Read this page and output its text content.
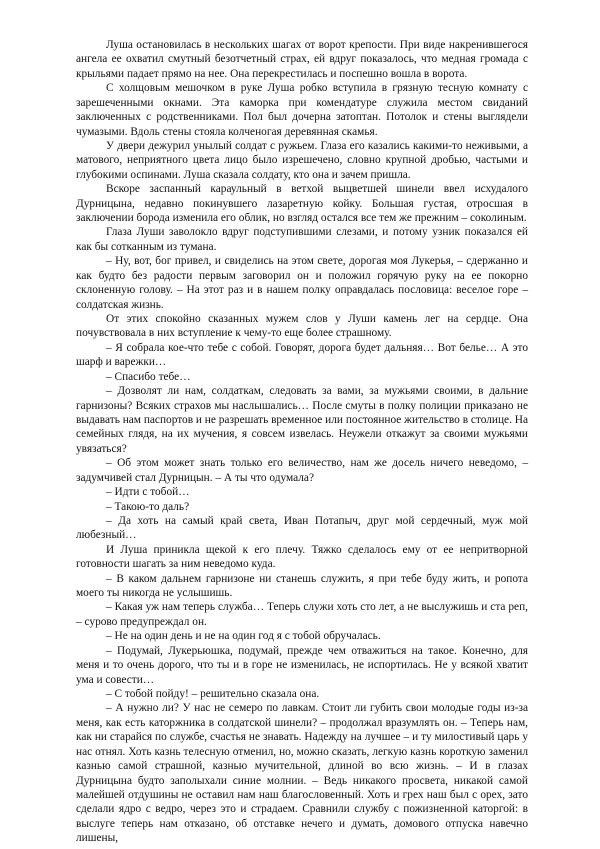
Луша остановилась в нескольких шагах от ворот крепости. При виде накренившегося ангела ее охватил смутный безотчетный страх, ей вдруг показалось, что медная громада с крыльями падает прямо на нее. Она перекрестилась и поспешно вошла в ворота.

С холщовым мешочком в руке Луша робко вступила в грязную тесную комнату с зарешеченными окнами. Эта каморка при комендатуре служила местом свиданий заключенных с родственниками. Пол был дочерна затоптан. Потолок и стены выглядели чумазыми. Вдоль стены стояла колченогая деревянная скамья.

У двери дежурил унылый солдат с ружьем. Глаза его казались какими-то неживыми, а матового, неприятного цвета лицо было изрешечено, словно крупной дробью, частыми и глубокими оспинами. Луша сказала солдату, кто она и зачем пришла.

Вскоре заспанный караульный в ветхой выцветшей шинели ввел исхудалого Дурницына, недавно покинувшего лазаретную койку. Большая густая, отросшая в заключении борода изменила его облик, но взгляд остался все тем же прежним – соколиным.

Глаза Луши заволокло вдруг подступившими слезами, и потому узник показался ей как бы сотканным из тумана.

– Ну, вот, бог привел, и свиделись на этом свете, дорогая моя Лукерья, – сдержанно и как будто без радости первым заговорил он и положил горячую руку на ее покорно склоненную голову. – На этот раз и в нашем полку оправдалась пословица: веселое горе – солдатская жизнь.

От этих спокойно сказанных мужем слов у Луши камень лег на сердце. Она почувствовала в них вступление к чему-то еще более страшному.

– Я собрала кое-что тебе с собой. Говорят, дорога будет дальняя… Вот белье… А это шарф и варежки…

– Спасибо тебе…

– Дозволят ли нам, солдаткам, следовать за вами, за мужьями своими, в дальние гарнизоны? Всяких страхов мы наслышались… После смуты в полку полиции приказано не выдавать нам паспортов и не разрешать временное или постоянное жительство в столице. На семейных глядя, на их мучения, я совсем извелась. Неужели откажут за своими мужьями увязаться?

– Об этом может знать только его величество, нам же досель ничего неведомо, – задумчивей стал Дурницын. – А ты что одумала?

– Идти с тобой…

– Такою-то даль?

– Да хоть на самый край света, Иван Потапыч, друг мой сердечный, муж мой любезный…

И Луша приникла щекой к его плечу. Тяжко сделалось ему от ее непритворной готовности шагать за ним неведомо куда.

– В каком дальнем гарнизоне ни станешь служить, я при тебе буду жить, и ропота моего ты никогда не услышишь.

– Какая уж нам теперь служба… Теперь служи хоть сто лет, а не выслужишь и ста реп, – сурово предупреждал он.

– Не на один день и не на один год я с тобой обручалась.

– Подумай, Лукерьюшка, подумай, прежде чем отважиться на такое. Конечно, для меня и то очень дорого, что ты и в горе не изменилась, не испортилась. Не у всякой хватит ума и совести…

– С тобой пойду! – решительно сказала она.

– А нужно ли? У нас не семеро по лавкам. Стоит ли губить свои молодые годы из-за меня, как есть каторжника в солдатской шинели? – продолжал вразумлять он. – Теперь нам, как ни старайся по службе, счастья не знавать. Надежду на лучшее – и ту милостивый царь у нас отнял. Хоть казнь телесную отменил, но, можно сказать, легкую казнь короткую заменил казнью самой страшной, казнью мучительной, длиной во всю жизнь. – И в глазах Дурницына будто заполыхали синие молнии. – Ведь никакого просвета, никакой самой малейшей отдушины не оставил нам наш благословенный. Хоть и грех наш был с орех, зато сделали ядро с ведро, через это и страдаем. Сравнили службу с пожизненной каторгой: в выслуге теперь нам отказано, об отставке нечего и думать, домового отпуска навечно лишены,
